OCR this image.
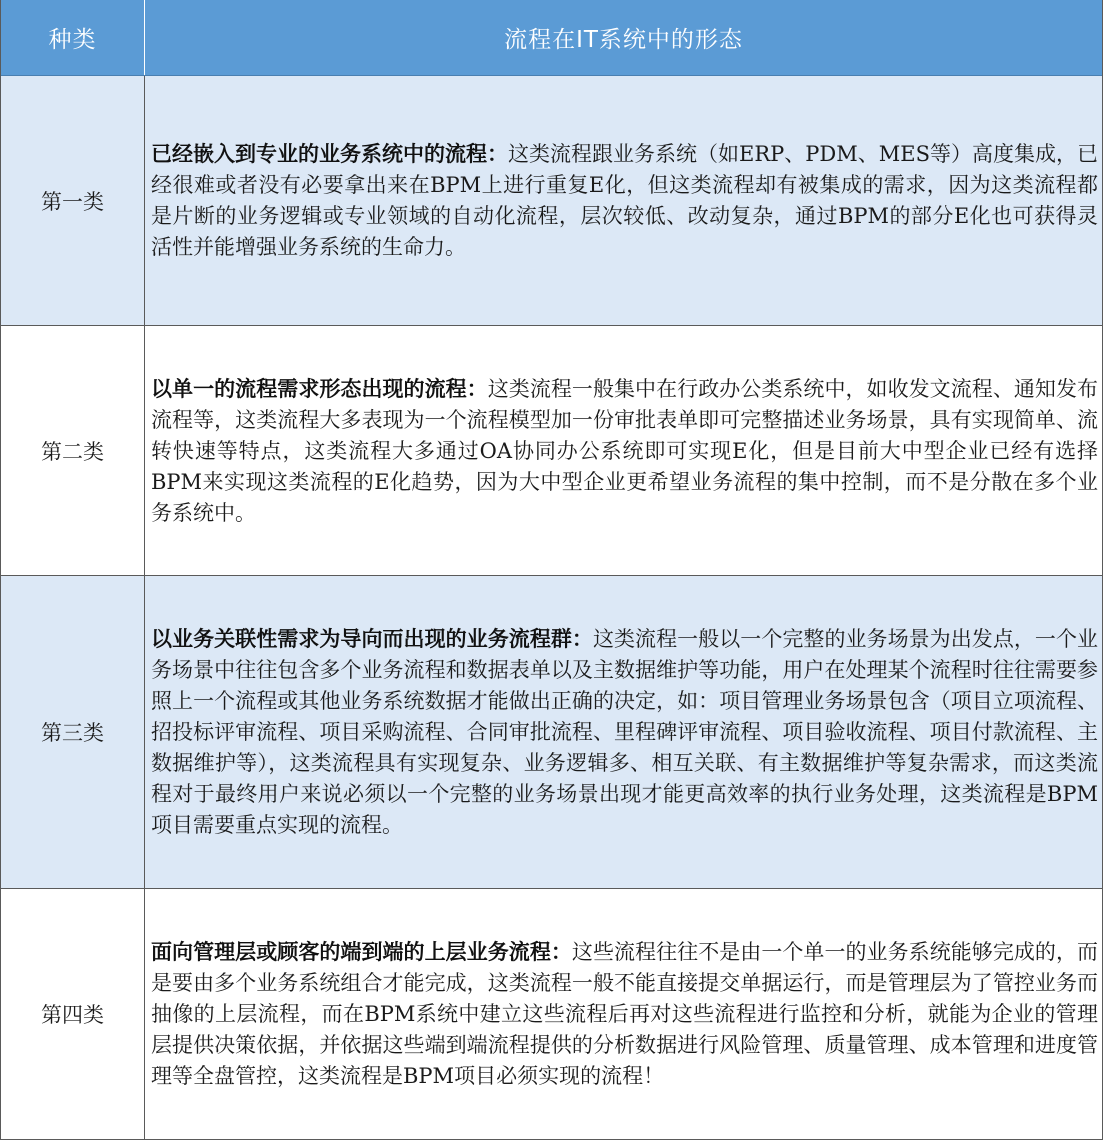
种类	流程在IT系统中的形态
第一类
已经嵌入到专业的业务系统中的流程：这类流程跟业务系统（如ERP、PDM、MES等）高度集成，已经很难或者没有必要拿出来在BPM上进行重复E化，但这类流程却有被集成的需求，因为这类流程都是片断的业务逻辑或专业领域的自动化流程，层次较低、改动复杂，通过BPM的部分E化也可获得灵活性并能增强业务系统的生命力。
第二类
以单一的流程需求形态出现的流程：这类流程一般集中在行政办公类系统中，如收发文流程、通知发布流程等，这类流程大多表现为一个流程模型加一份审批表单即可完整描述业务场景，具有实现简单、流转快速等特点，这类流程大多通过OA协同办公系统即可实现E化，但是目前大中型企业已经有选择BPM来实现这类流程的E化趋势，因为大中型企业更希望业务流程的集中控制，而不是分散在多个业务系统中。
第三类
以业务关联性需求为导向而出现的业务流程群：这类流程一般以一个完整的业务场景为出发点，一个业务场景中往往包含多个业务流程和数据表单以及主数据维护等功能，用户在处理某个流程时往往需要参照上一个流程或其他业务系统数据才能做出正确的决定，如：项目管理业务场景包含（项目立项流程、招投标评审流程、项目采购流程、合同审批流程、里程碑评审流程、项目验收流程、项目付款流程、主数据维护等），这类流程具有实现复杂、业务逻辑多、相互关联、有主数据维护等复杂需求，而这类流程对于最终用户来说必须以一个完整的业务场景出现才能更高效率的执行业务处理，这类流程是BPM项目需要重点实现的流程。
第四类
面向管理层或顾客的端到端的上层业务流程：这些流程往往不是由一个单一的业务系统能够完成的，而是要由多个业务系统组合才能完成，这类流程一般不能直接提交单据运行，而是管理层为了管控业务而抽像的上层流程，而在BPM系统中建立这些流程后再对这些流程进行监控和分析，就能为企业的管理层提供决策依据，并依据这些端到端流程提供的分析数据进行风险管理、质量管理、成本管理和进度管理等全盘管控，这类流程是BPM项目必须实现的流程！
